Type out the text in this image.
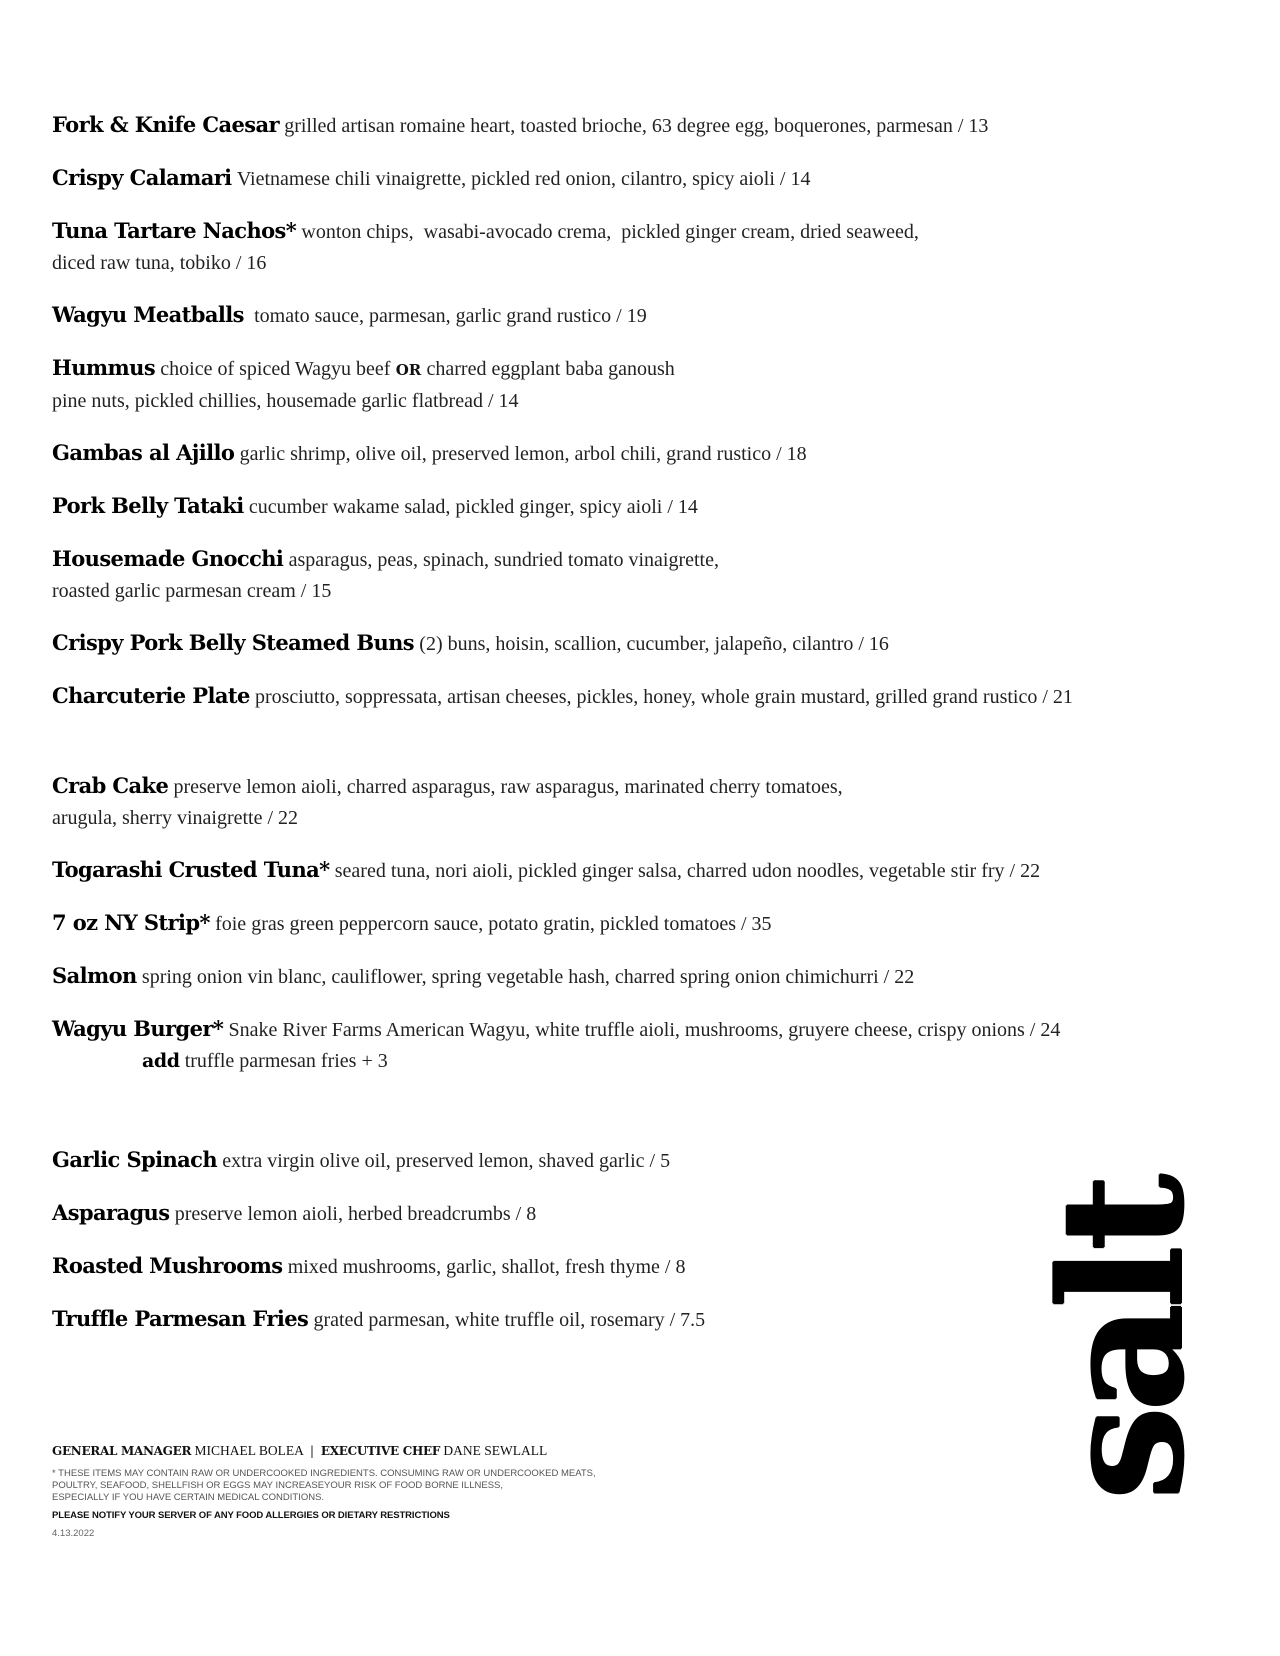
Fork & Knife Caesar grilled artisan romaine heart, toasted brioche, 63 degree egg, boquerones, parmesan / 13

Crispy Calamari Vietnamese chili vinaigrette, pickled red onion, cilantro, spicy aioli / 14

Tuna Tartare Nachos* wonton chips,  wasabi-avocado crema,  pickled ginger cream, dried seaweed,
diced raw tuna, tobiko / 16

Wagyu Meatballs  tomato sauce, parmesan, garlic grand rustico / 19

Hummus choice of spiced Wagyu beef OR charred eggplant baba ganoush
pine nuts, pickled chillies, housemade garlic flatbread / 14

Gambas al Ajillo garlic shrimp, olive oil, preserved lemon, arbol chili, grand rustico / 18

Pork Belly Tataki cucumber wakame salad, pickled ginger, spicy aioli / 14

Housemade Gnocchi asparagus, peas, spinach, sundried tomato vinaigrette,
roasted garlic parmesan cream / 15

Crispy Pork Belly Steamed Buns (2) buns, hoisin, scallion, cucumber, jalapeño, cilantro / 16

Charcuterie Plate prosciutto, soppressata, artisan cheeses, pickles, honey, whole grain mustard, grilled grand rustico / 21

Crab Cake preserve lemon aioli, charred asparagus, raw asparagus, marinated cherry tomatoes,
arugula, sherry vinaigrette / 22

Togarashi Crusted Tuna* seared tuna, nori aioli, pickled ginger salsa, charred udon noodles, vegetable stir fry / 22

7 oz NY Strip* foie gras green peppercorn sauce, potato gratin, pickled tomatoes / 35

Salmon spring onion vin blanc, cauliflower, spring vegetable hash, charred spring onion chimichurri / 22

Wagyu Burger* Snake River Farms American Wagyu, white truffle aioli, mushrooms, gruyere cheese, crispy onions / 24
add truffle parmesan fries + 3

Garlic Spinach extra virgin olive oil, preserved lemon, shaved garlic / 5

Asparagus preserve lemon aioli, herbed breadcrumbs / 8

Roasted Mushrooms mixed mushrooms, garlic, shallot, fresh thyme / 8

Truffle Parmesan Fries grated parmesan, white truffle oil, rosemary / 7.5

GENERAL MANAGER MICHAEL BOLEA | EXECUTIVE CHEF DANE SEWLALL
* THESE ITEMS MAY CONTAIN RAW OR UNDERCOOKED INGREDIENTS. CONSUMING RAW OR UNDERCOOKED MEATS,
POULTRY, SEAFOOD, SHELLFISH OR EGGS MAY INCREASEYOUR RISK OF FOOD BORNE ILLNESS,
ESPECIALLY IF YOU HAVE CERTAIN MEDICAL CONDITIONS.
PLEASE NOTIFY YOUR SERVER OF ANY FOOD ALLERGIES OR DIETARY RESTRICTIONS
4.13.2022
salt
